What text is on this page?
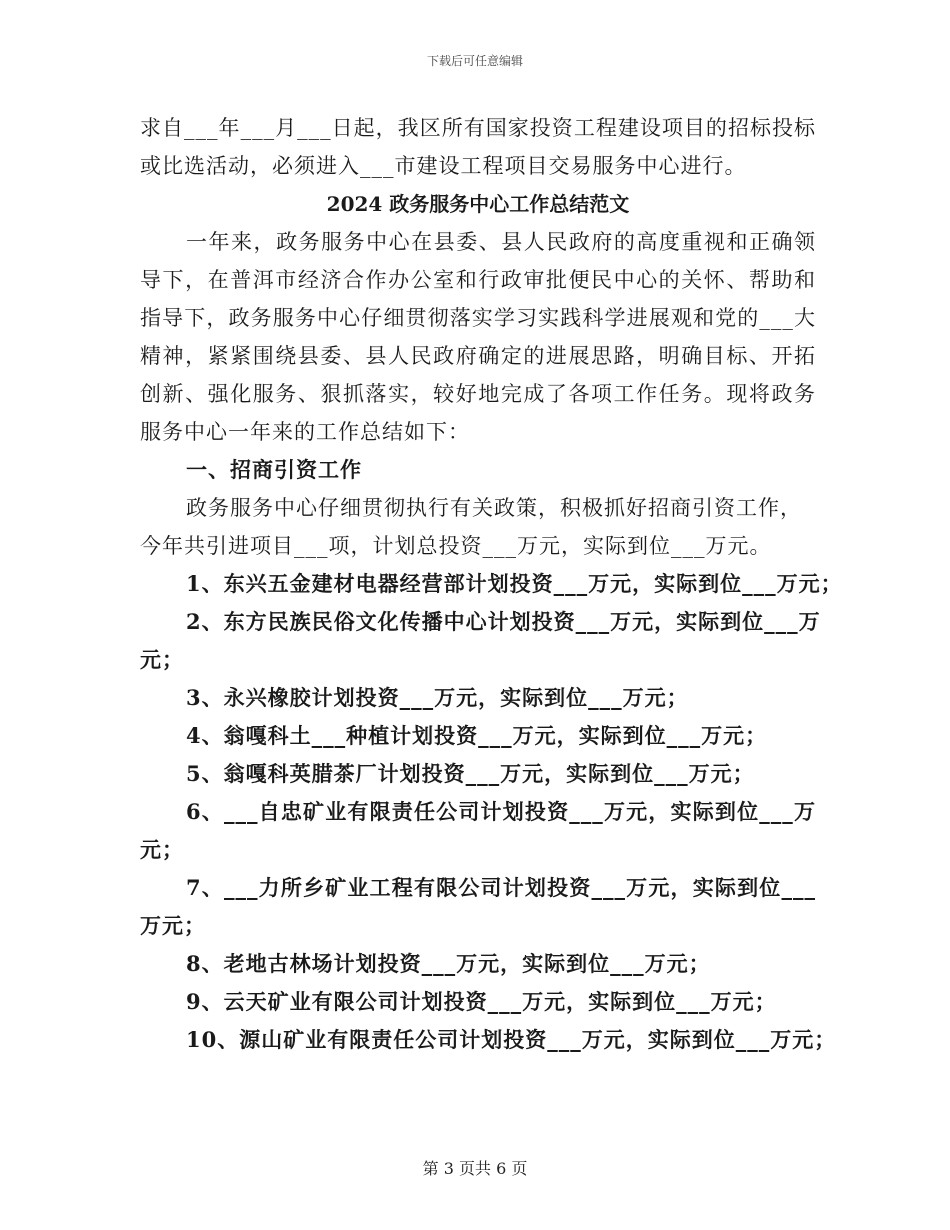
下载后可任意编辑
求自___年___月___日起，我区所有国家投资工程建设项目的招标投标
或比选活动，必须进入___市建设工程项目交易服务中心进行。
2024 政务服务中心工作总结范文
一年来，政务服务中心在县委、县人民政府的高度重视和正确领
导下，在普洱市经济合作办公室和行政审批便民中心的关怀、帮助和
指导下，政务服务中心仔细贯彻落实学习实践科学进展观和党的___大
精神，紧紧围绕县委、县人民政府确定的进展思路，明确目标、开拓
创新、强化服务、狠抓落实，较好地完成了各项工作任务。现将政务
服务中心一年来的工作总结如下：
一、招商引资工作
政务服务中心仔细贯彻执行有关政策，积极抓好招商引资工作，
今年共引进项目___项，计划总投资___万元，实际到位___万元。
1、东兴五金建材电器经营部计划投资___万元，实际到位___万元；
2、东方民族民俗文化传播中心计划投资___万元，实际到位___万
元；
3、永兴橡胶计划投资___万元，实际到位___万元；
4、翁嘎科土___种植计划投资___万元，实际到位___万元；
5、翁嘎科英腊茶厂计划投资___万元，实际到位___万元；
6、___自忠矿业有限责任公司计划投资___万元，实际到位___万
元；
7、___力所乡矿业工程有限公司计划投资___万元，实际到位___
万元；
8、老地古林场计划投资___万元，实际到位___万元；
9、云天矿业有限公司计划投资___万元，实际到位___万元；
10、源山矿业有限责任公司计划投资___万元，实际到位___万元；
第 3 页共 6 页
